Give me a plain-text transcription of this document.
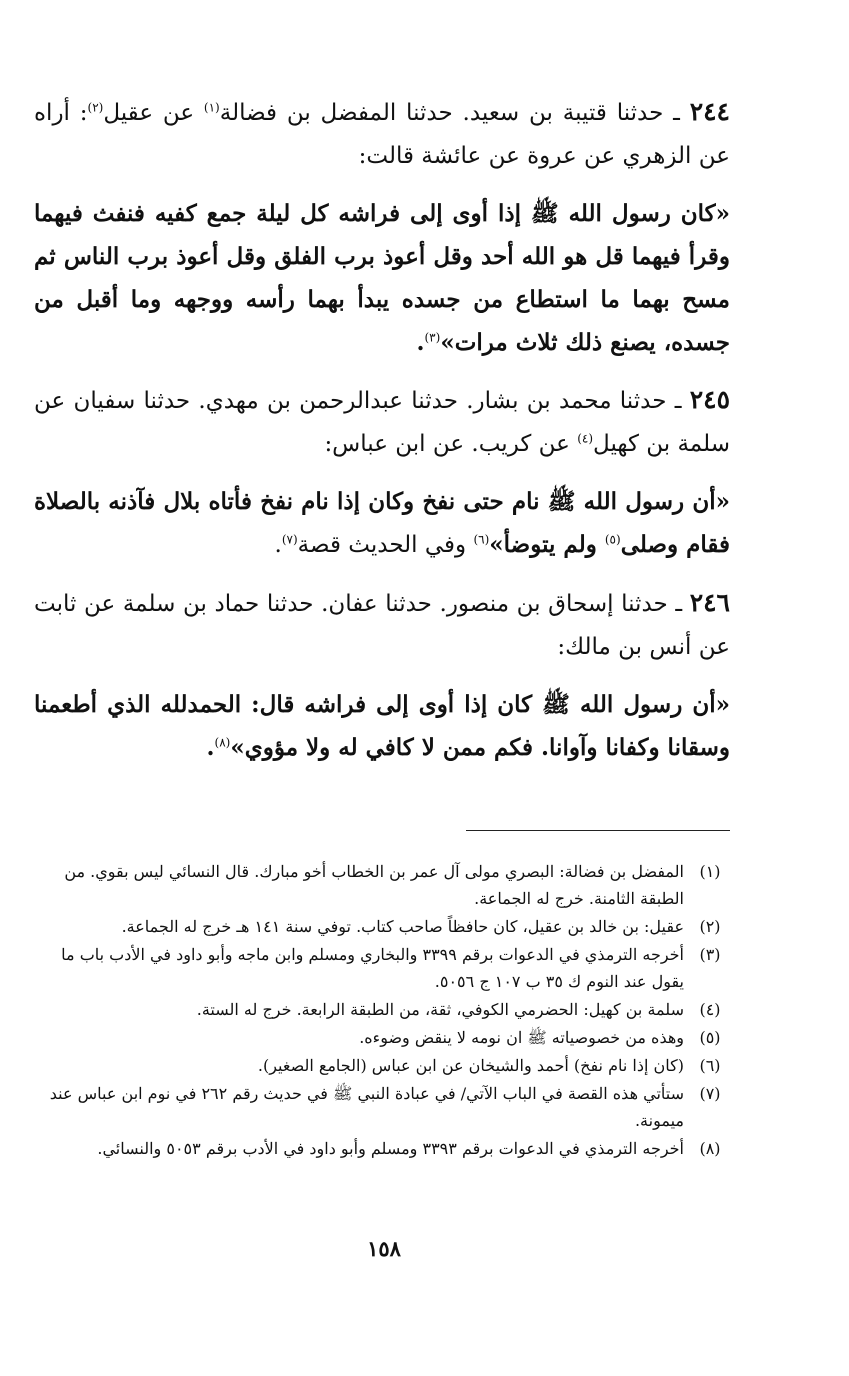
٢٤٤ ـ حدثنا قتيبة بن سعيد. حدثنا المفضل بن فضالة$^{(١)}$ عن عقيل$^{(٢)}$: أراه عن الزهري عن عروة عن عائشة قالت:

«كان رسول الله ﷺ إذا أوى إلى فراشه كل ليلة جمع كفيه فنفث فيهما وقرأ فيهما قل هو الله أحد وقل أعوذ برب الفلق وقل أعوذ برب الناس ثم مسح بهما ما استطاع من جسده يبدأ بهما رأسه ووجهه وما أقبل من جسده، يصنع ذلك ثلاث مرات»$^{(٣)}$.

٢٤٥ ـ حدثنا محمد بن بشار. حدثنا عبدالرحمن بن مهدي. حدثنا سفيان عن سلمة بن كهيل$^{(٤)}$ عن كريب. عن ابن عباس:

«أن رسول الله ﷺ نام حتى نفخ وكان إذا نام نفخ فأتاه بلال فآذنه بالصلاة فقام وصلى$^{(٥)}$ ولم يتوضأ»$^{(٦)}$ وفي الحديث قصة$^{(٧)}$.

٢٤٦ ـ حدثنا إسحاق بن منصور. حدثنا عفان. حدثنا حماد بن سلمة عن ثابت عن أنس بن مالك:

«أن رسول الله ﷺ كان إذا أوى إلى فراشه قال: الحمدلله الذي أطعمنا وسقانا وكفانا وآوانا. فكم ممن لا كافي له ولا مؤوي»$^{(٨)}$.

(١)
المفضل بن فضالة: البصري مولى آل عمر بن الخطاب أخو مبارك. قال النسائي ليس بقوي. من الطبقة الثامنة. خرج له الجماعة.
(٢)
عقيل: بن خالد بن عقيل، كان حافظاً صاحب كتاب. توفي سنة ١٤١ هـ خرج له الجماعة.
(٣)
أخرجه الترمذي في الدعوات برقم ٣٣٩٩ والبخاري ومسلم وابن ماجه وأبو داود في الأدب باب ما يقول عند النوم ك ٣٥ ب ١٠٧ ج ٥٠٥٦.
(٤)
سلمة بن كهيل: الحضرمي الكوفي، ثقة، من الطبقة الرابعة. خرج له الستة.
(٥)
وهذه من خصوصياته ﷺ ان نومه لا ينقض وضوءه.
(٦)
(كان إذا نام نفخ) أحمد والشيخان عن ابن عباس (الجامع الصغير).
(٧)
ستأتي هذه القصة في الباب الآتي/ في عبادة النبي ﷺ في حديث رقم ٢٦٢ في نوم ابن عباس عند ميمونة.
(٨)
أخرجه الترمذي في الدعوات برقم ٣٣٩٣ ومسلم وأبو داود في الأدب برقم ٥٠٥٣ والنسائي.
١٥٨
